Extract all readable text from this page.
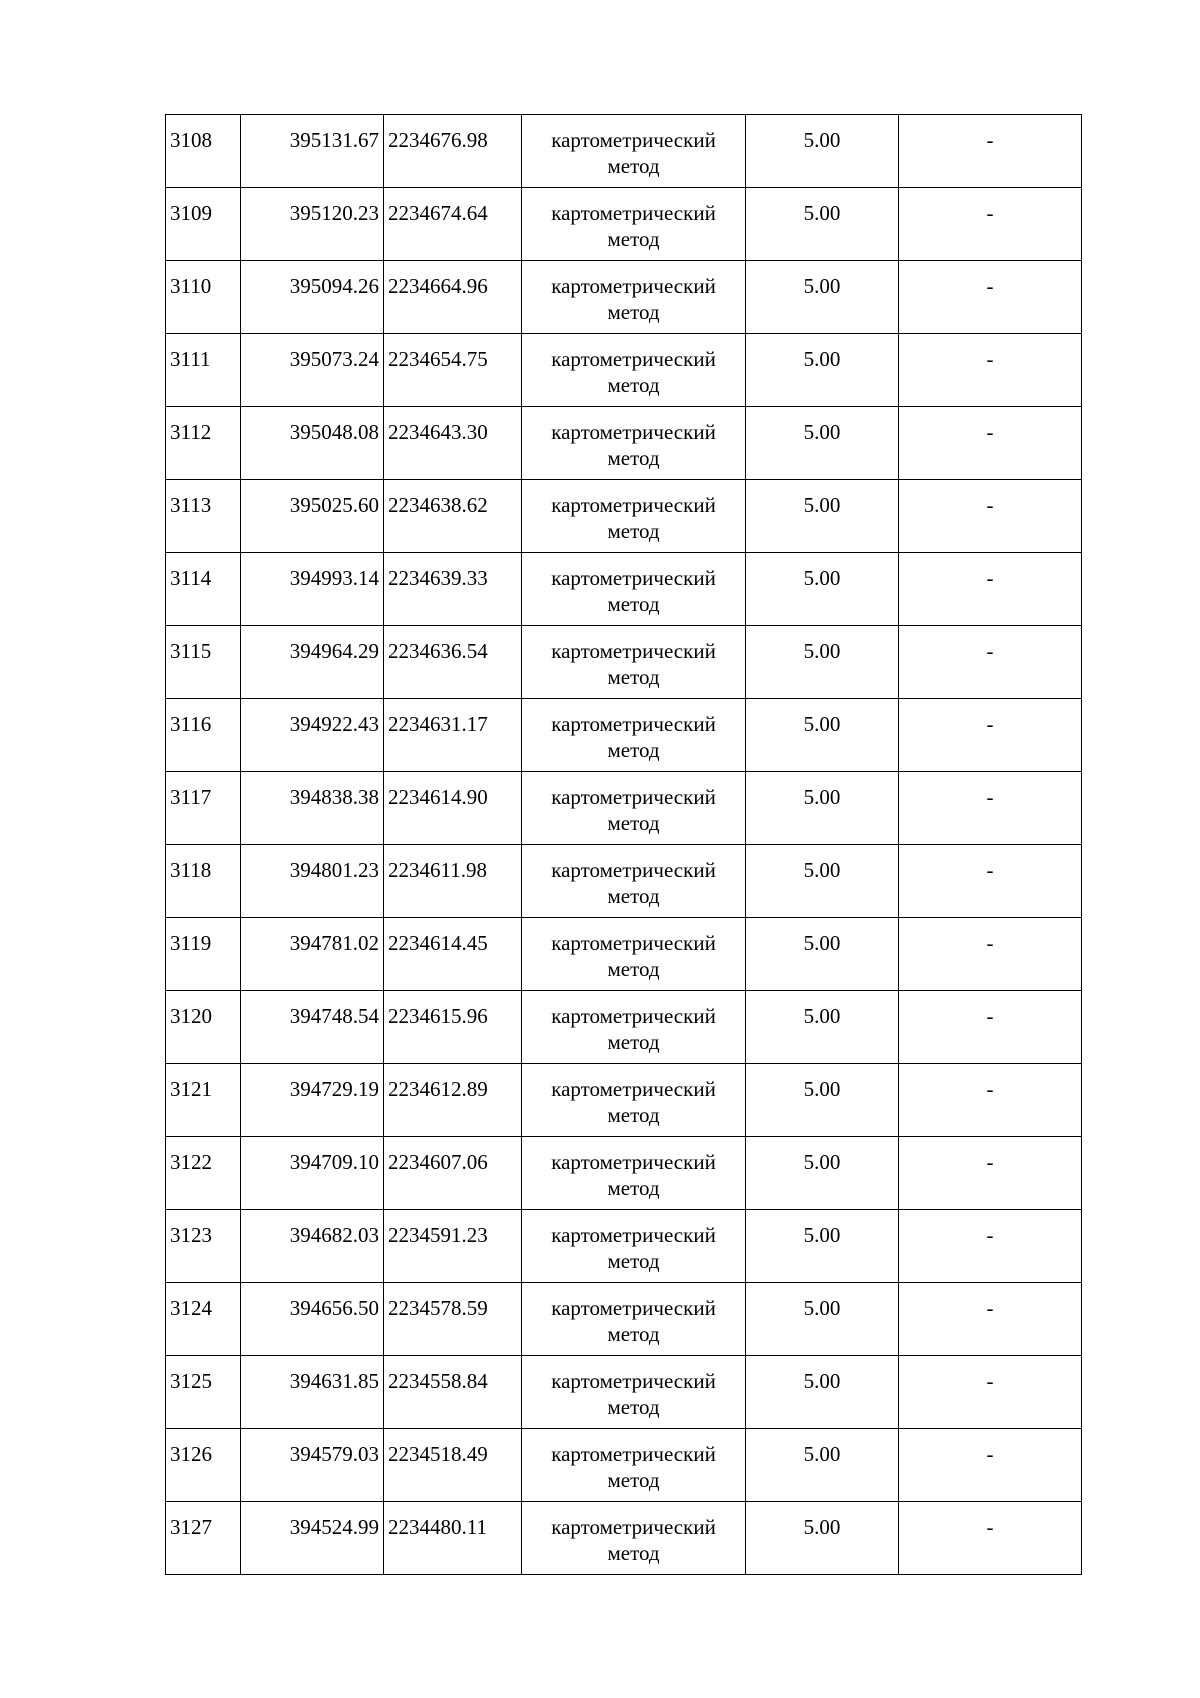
3108	395131.67	2234676.98	картометрический
метод	5.00	-
3109	395120.23	2234674.64	картометрический
метод	5.00	-
3110	395094.26	2234664.96	картометрический
метод	5.00	-
3111	395073.24	2234654.75	картометрический
метод	5.00	-
3112	395048.08	2234643.30	картометрический
метод	5.00	-
3113	395025.60	2234638.62	картометрический
метод	5.00	-
3114	394993.14	2234639.33	картометрический
метод	5.00	-
3115	394964.29	2234636.54	картометрический
метод	5.00	-
3116	394922.43	2234631.17	картометрический
метод	5.00	-
3117	394838.38	2234614.90	картометрический
метод	5.00	-
3118	394801.23	2234611.98	картометрический
метод	5.00	-
3119	394781.02	2234614.45	картометрический
метод	5.00	-
3120	394748.54	2234615.96	картометрический
метод	5.00	-
3121	394729.19	2234612.89	картометрический
метод	5.00	-
3122	394709.10	2234607.06	картометрический
метод	5.00	-
3123	394682.03	2234591.23	картометрический
метод	5.00	-
3124	394656.50	2234578.59	картометрический
метод	5.00	-
3125	394631.85	2234558.84	картометрический
метод	5.00	-
3126	394579.03	2234518.49	картометрический
метод	5.00	-
3127	394524.99	2234480.11	картометрический
метод	5.00	-
